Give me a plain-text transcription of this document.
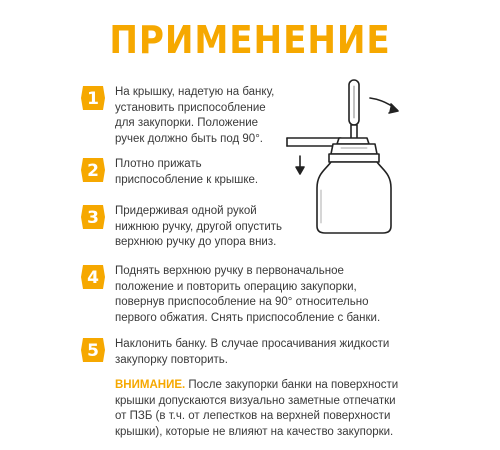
ПРИМЕНЕНИЕ
1 На крышку, надетую на банку,
установить приспособление
для закупорки. Положение
ручек должно быть под 90°.
2 Плотно прижать
приспособление к крышке.
3 Придерживая одной рукой
нижнюю ручку, другой опустить
верхнюю ручку до упора вниз.
4 Поднять верхнюю ручку в первоначальное
положение и повторить операцию закупорки,
повернув приспособление на 90° относительно
первого обжатия. Снять приспособление с банки.
5 Наклонить банку. В случае просачивания жидкости
закупорку повторить.
ВНИМАНИЕ. После закупорки банки на поверхности
крышки допускаются визуально заметные отпечатки
от ПЗБ (в т.ч. от лепестков на верхней поверхности
крышки), которые не влияют на качество закупорки.
